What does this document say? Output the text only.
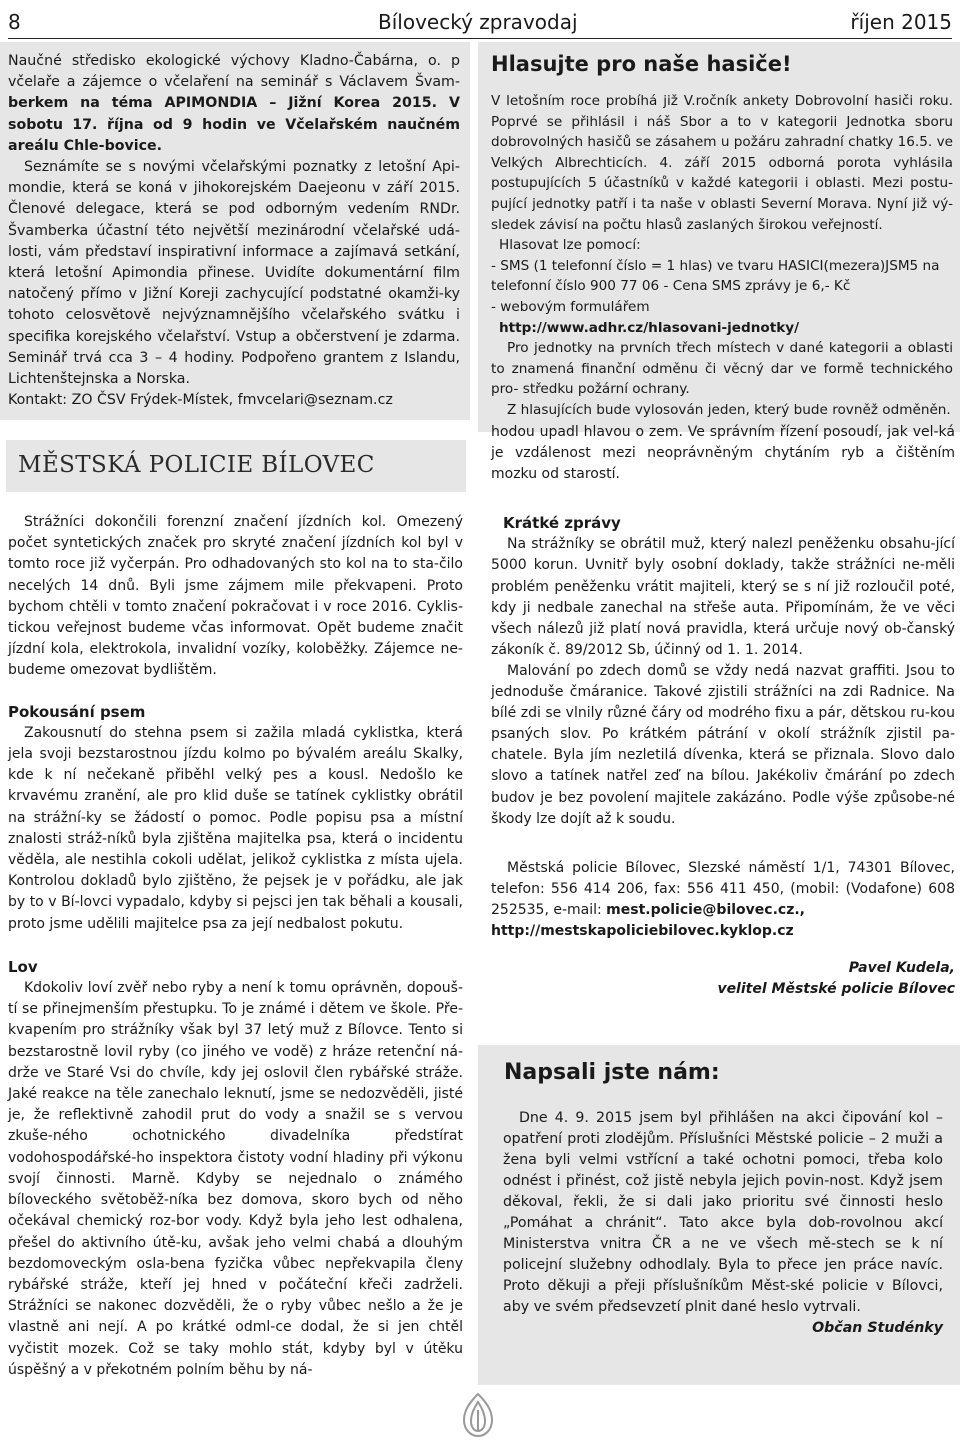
8	Bílovecký zpravodaj	říjen 2015

Naučné středisko ekologické výchovy Kladno-Čabárna, o. p včelaře a zájemce o včelaření na seminář s Václavem Švam- berkem na téma APIMONDIA – Jižní Korea 2015. V sobotu 17. října od 9 hodin ve Včelařském naučném areálu Chle-bovice.
Seznámíte se s novými včelařskými poznatky z letošní Api-mondie, která se koná v jihokorejském Daejeonu v září 2015. Členové delegace, která se pod odborným vedením RNDr. Švamberka účastní této největší mezinárodní včelařské udá-losti, vám představí inspirativní informace a zajímavá setkání, která letošní Apimondia přinese. Uvidíte dokumentární film natočený přímo v Jižní Koreji zachycující podstatné okamži-ky tohoto celosvětově nejvýznamnějšího včelařského svátku i specifika korejského včelařství. Vstup a občerstvení je zdarma. Seminář trvá cca 3 – 4 hodiny. Podpořeno grantem z Islandu, Lichtenštejnska a Norska.
Kontakt: ZO ČSV Frýdek-Místek, fmvcelari@seznam.cz

Hlasujte pro naše hasiče!
V letošním roce probíhá již V.ročník ankety Dobrovolní hasiči roku. Poprvé se přihlásil i náš Sbor a to v kategorii Jednotka sboru dobrovolných hasičů se zásahem u požáru zahradní chatky 16.5. ve Velkých Albrechticích. 4. září 2015 odborná porota vyhlásila postupujících 5 účastníků v každé kategorii i oblasti. Mezi postu- pující jednotky patří i ta naše v oblasti Severní Morava. Nyní již vý- sledek závisí na počtu hlasů zaslaných širokou veřejností.
Hlasovat lze pomocí:
- SMS (1 telefonní číslo = 1 hlas) ve tvaru HASICI(mezera)JSM5 na
telefonní číslo 900 77 06 - Cena SMS zprávy je 6,- Kč
- webovým formulářem
http://www.adhr.cz/hlasovani-jednotky/
Pro jednotky na prvních třech místech v dané kategorii a oblasti to znamená finanční odměnu či věcný dar ve formě technického pro- středku požární ochrany.
Z hlasujících bude vylosován jeden, který bude rovněž odměněn.
MĚSTSKÁ POLICIE BÍLOVEC
Strážníci dokončili forenzní značení jízdních kol. Omezený počet syntetických značek pro skryté značení jízdních kol byl v tomto roce již vyčerpán. Pro odhadovaných sto kol na to sta-čilo necelých 14 dnů. Byli jsme zájmem mile překvapeni. Proto bychom chtěli v tomto značení pokračovat i v roce 2016. Cyklis-tickou veřejnost budeme včas informovat. Opět budeme značit jízdní kola, elektrokola, invalidní vozíky, koloběžky. Zájemce ne-budeme omezovat bydlištěm.
Pokousání psem
Zakousnutí do stehna psem si zažila mladá cyklistka, která jela svoji bezstarostnou jízdu kolmo po bývalém areálu Skalky, kde k ní nečekaně přiběhl velký pes a kousl. Nedošlo ke krvavému zranění, ale pro klid duše se tatínek cyklistky obrátil na strážní-ky se žádostí o pomoc. Podle popisu psa a místní znalosti stráž-níků byla zjištěna majitelka psa, která o incidentu věděla, ale nestihla cokoli udělat, jelikož cyklistka z místa ujela. Kontrolou dokladů bylo zjištěno, že pejsek je v pořádku, ale jak by to v Bí-lovci vypadalo, kdyby si pejsci jen tak běhali a kousali, proto jsme udělili majitelce psa za její nedbalost pokutu.
Lov
Kdokoliv loví zvěř nebo ryby a není k tomu oprávněn, dopouš-tí se přinejmenším přestupku. To je známé i dětem ve škole. Pře-kvapením pro strážníky však byl 37 letý muž z Bílovce. Tento si bezstarostně lovil ryby (co jiného ve vodě) z hráze retenční ná-drže ve Staré Vsi do chvíle, kdy jej oslovil člen rybářské stráže. Jaké reakce na těle zanechalo leknutí, jsme se nedozvěděli, jisté je, že reflektivně zahodil prut do vody a snažil se s vervou zkuše-ného ochotnického divadelníka předstírat vodohospodářské-ho inspektora čistoty vodní hladiny při výkonu svojí činnosti. Marně. Kdyby se nejednalo o známého bíloveckého světoběž-níka bez domova, skoro bych od něho očekával chemický roz-bor vody. Když byla jeho lest odhalena, přešel do aktivního útě-ku, avšak jeho velmi chabá a dlouhým bezdomoveckým osla-bena fyzička vůbec nepřekvapila členy rybářské stráže, kteří jej hned v počáteční křeči zadrželi. Strážníci se nakonec dozvěděli, že o ryby vůbec nešlo a že je vlastně ani nejí. A po krátké odml-ce dodal, že si jen chtěl vyčistit mozek. Což se taky mohlo stát, kdyby byl v útěku úspěšný a v překotném polním běhu by ná-
hodou upadl hlavou o zem. Ve správním řízení posoudí, jak vel-ká je vzdálenost mezi neoprávněným chytáním ryb a čištěním mozku od starostí.
Krátké zprávy
Na strážníky se obrátil muž, který nalezl peněženku obsahu-jící 5000 korun. Uvnitř byly osobní doklady, takže strážníci ne-měli problém peněženku vrátit majiteli, který se s ní již rozloučil poté, kdy ji nedbale zanechal na střeše auta. Připomínám, že ve věci všech nálezů již platí nová pravidla, která určuje nový ob-čanský zákoník č. 89/2012 Sb, účinný od 1. 1. 2014.
Malování po zdech domů se vždy nedá nazvat graffiti. Jsou to jednoduše čmáranice. Takové zjistili strážníci na zdi Radnice. Na bílé zdi se vlnily různé čáry od modrého fixu a pár, dětskou ru-kou psaných slov. Po krátkém pátrání v okolí strážník zjistil pa-chatele. Byla jím nezletilá dívenka, která se přiznala. Slovo dalo slovo a tatínek natřel zeď na bílou. Jakékoliv čmárání po zdech budov je bez povolení majitele zakázáno. Podle výše způsobe-né škody lze dojít až k soudu.
Městská policie Bílovec, Slezské náměstí 1/1, 74301 Bílovec, telefon: 556 414 206, fax: 556 411 450, (mobil: (Vodafone) 608 252535, e-mail: mest.policie@bilovec.cz.,
http://mestskapoliciebilovec.kyklop.cz
Pavel Kudela,
velitel Městské policie Bílovec
Napsali jste nám:
Dne 4. 9. 2015 jsem byl přihlášen na akci čipování kol – opatření proti zlodějům. Příslušníci Městské policie – 2 muži a žena byli velmi vstřícní a také ochotni pomoci, třeba kolo odnést i přinést, což jistě nebyla jejich povin-nost. Když jsem děkoval, řekli, že si dali jako prioritu své činnosti heslo „Pomáhat a chránit“. Tato akce byla dob-rovolnou akcí Ministerstva vnitra ČR a ne ve všech mě-stech se k ní policejní služebny odhodlaly. Byla to přece jen práce navíc. Proto děkuji a přeji příslušníkům Měst-ské policie v Bílovci, aby ve svém předsevzetí plnit dané heslo vytrvali.
Občan Studénky
